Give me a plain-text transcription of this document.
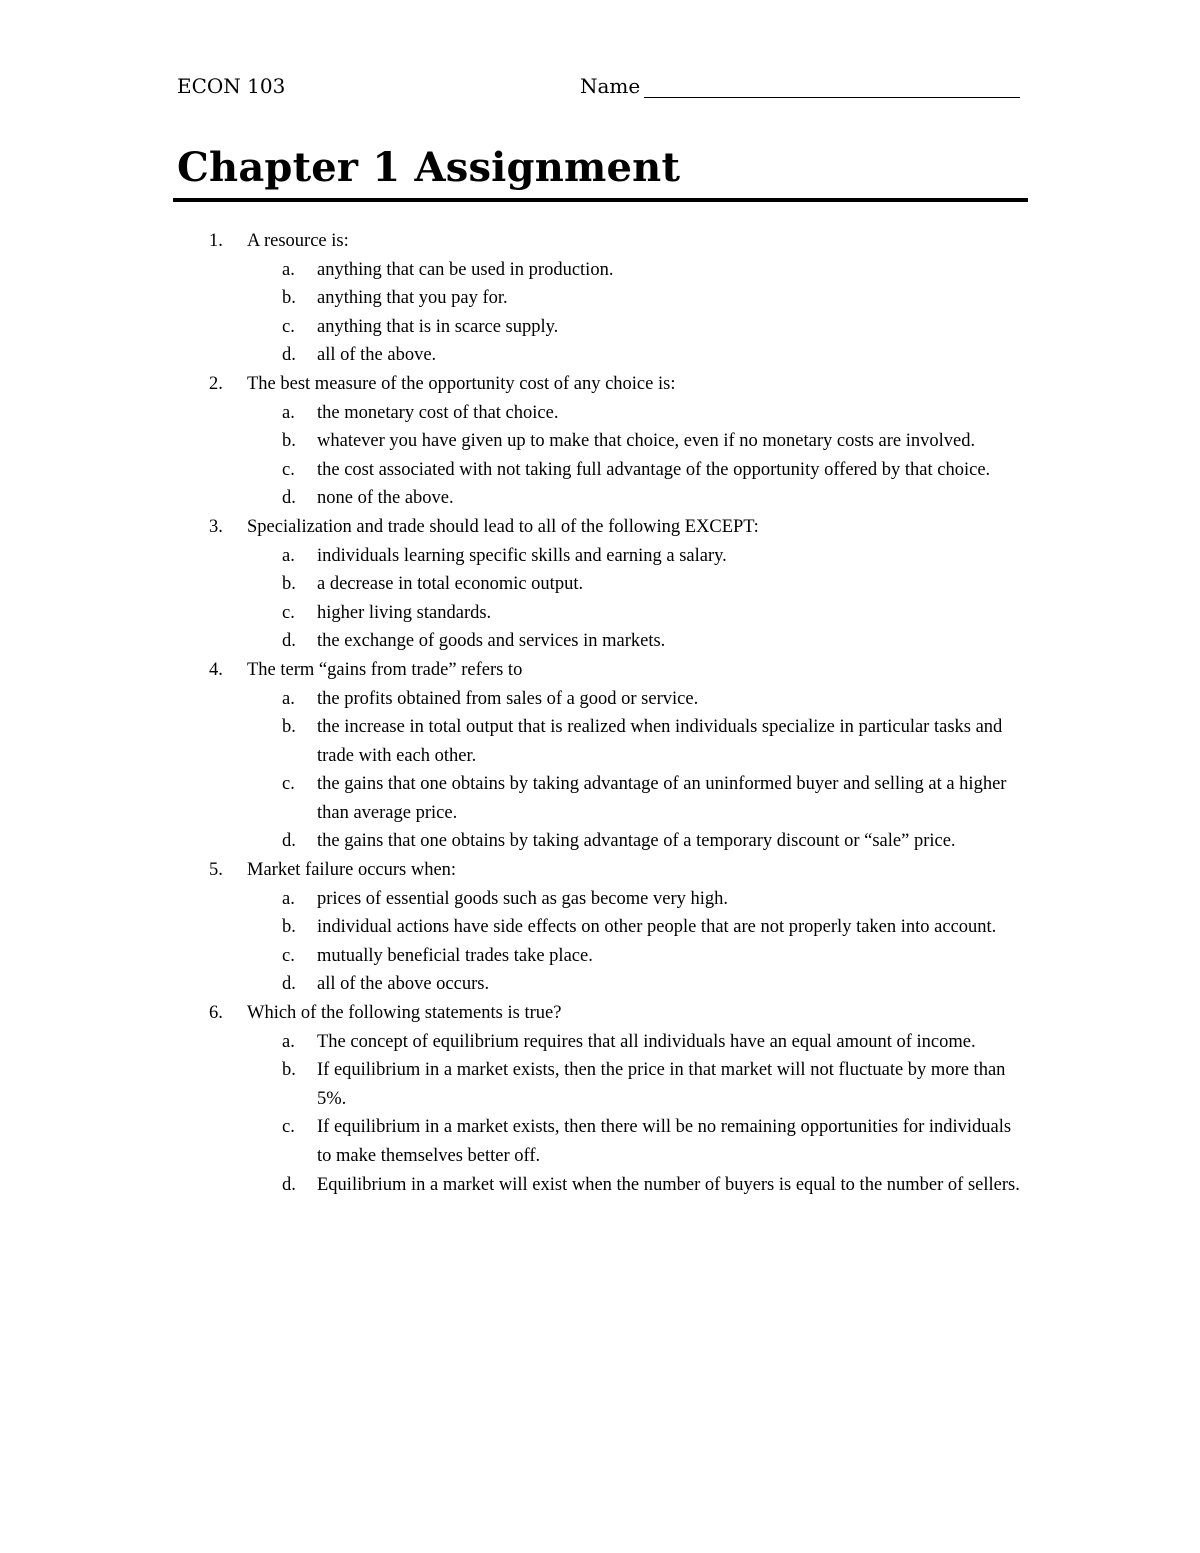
ECON 103	Name
Chapter 1 Assignment
1. A resource is:
a. anything that can be used in production.
b. anything that you pay for.
c. anything that is in scarce supply.
d. all of the above.
2. The best measure of the opportunity cost of any choice is:
a. the monetary cost of that choice.
b. whatever you have given up to make that choice, even if no monetary costs are involved.
c. the cost associated with not taking full advantage of the opportunity offered by that choice.
d. none of the above.
3. Specialization and trade should lead to all of the following EXCEPT:
a. individuals learning specific skills and earning a salary.
b. a decrease in total economic output.
c. higher living standards.
d. the exchange of goods and services in markets.
4. The term “gains from trade” refers to
a. the profits obtained from sales of a good or service.
b. the increase in total output that is realized when individuals specialize in particular tasks and trade with each other.
c. the gains that one obtains by taking advantage of an uninformed buyer and selling at a higher than average price.
d. the gains that one obtains by taking advantage of a temporary discount or “sale” price.
5. Market failure occurs when:
a. prices of essential goods such as gas become very high.
b. individual actions have side effects on other people that are not properly taken into account.
c. mutually beneficial trades take place.
d. all of the above occurs.
6. Which of the following statements is true?
a. The concept of equilibrium requires that all individuals have an equal amount of income.
b. If equilibrium in a market exists, then the price in that market will not fluctuate by more than 5%.
c. If equilibrium in a market exists, then there will be no remaining opportunities for individuals to make themselves better off.
d. Equilibrium in a market will exist when the number of buyers is equal to the number of sellers.
